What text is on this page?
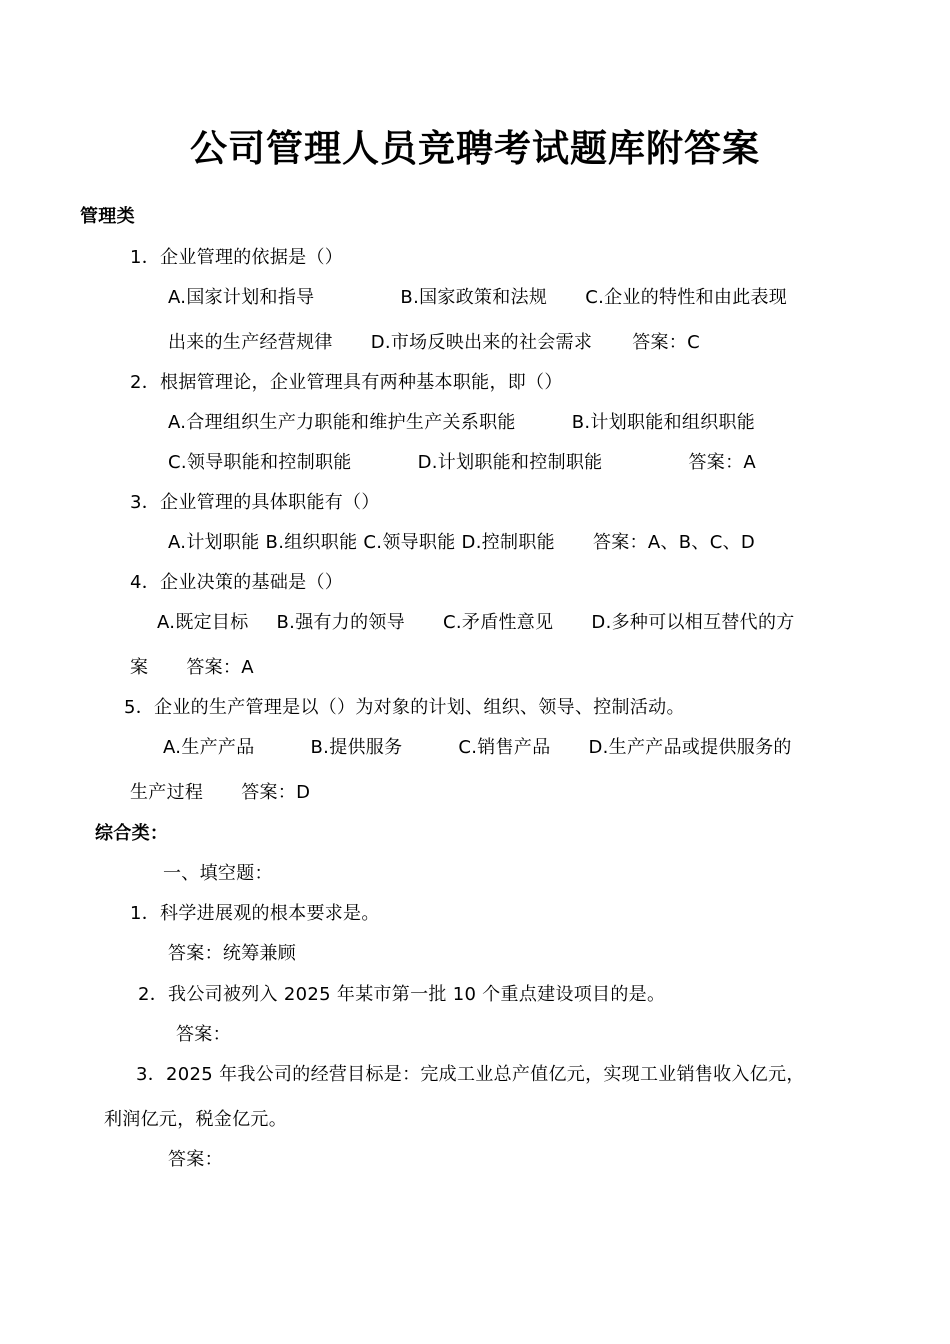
公司管理人员竞聘考试题库附答案
管理类
1．企业管理的依据是（）
A.国家计划和指导	B.国家政策和法规 C.企业的特性和由此表现
出来的生产经营规律 D.市场反映出来的社会需求 答案：C
2．根据管理论，企业管理具有两种基本职能，即（）
A.合理组织生产力职能和维护生产关系职能	B.计划职能和组织职能
C.领导职能和控制职能	D.计划职能和控制职能	答案：A
3．企业管理的具体职能有（）
A.计划职能 B.组织职能 C.领导职能 D.控制职能 答案：A、B、C、D
4．企业决策的基础是（）
A.既定目标 B.强有力的领导 C.矛盾性意见 D.多种可以相互替代的方
案 答案：A
5．企业的生产管理是以（）为对象的计划、组织、领导、控制活动。
A.生产产品	B.提供服务	C.销售产品 D.生产产品或提供服务的
生产过程 答案：D
综合类：
一、填空题：
1．科学进展观的根本要求是。
答案：统筹兼顾
2．我公司被列入 2025 年某市第一批 10 个重点建设项目的是。
答案：
3．2025 年我公司的经营目标是：完成工业总产值亿元，实现工业销售收入亿元，
利润亿元，税金亿元。
答案：
